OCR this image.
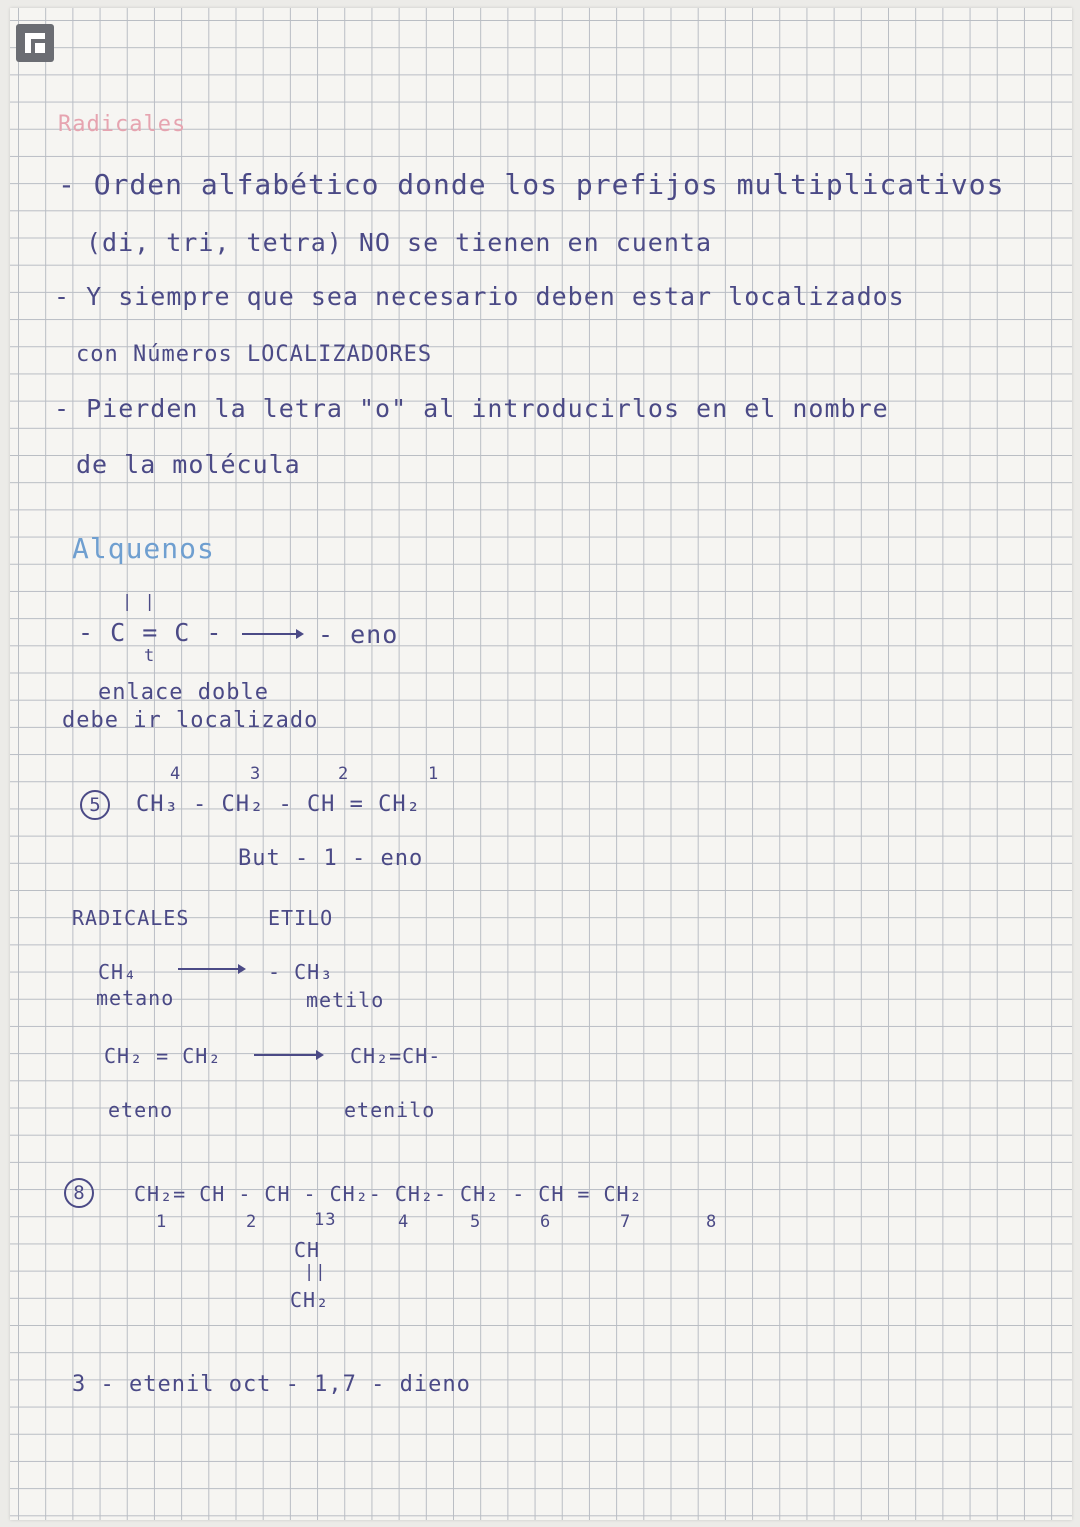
Radicales
- Orden alfabético donde los prefijos multiplicativos
(di, tri, tetra) NO se tienen en cuenta
- Y siempre que sea necesario deben estar localizados
con Números LOCALIZADORES
- Pierden la letra "o" al introducirlos en el nombre
de la molécula
Alquenos
| |
- C = C -	- eno
t
enlace doble
debe ir localizado
5
4	3	2	1
CH₃ - CH₂ - CH = CH₂
But - 1 - eno
RADICALES	ETILO
CH₄
metano
- CH₃
metilo
CH₂ = CH₂	CH₂=CH-
eteno	etenilo
8	CH₂= CH - CH - CH₂- CH₂- CH₂ - CH = CH₂
1	2	13	4	5	6	7	8
CH
||
CH₂
3 - etenil oct - 1,7 - dieno
